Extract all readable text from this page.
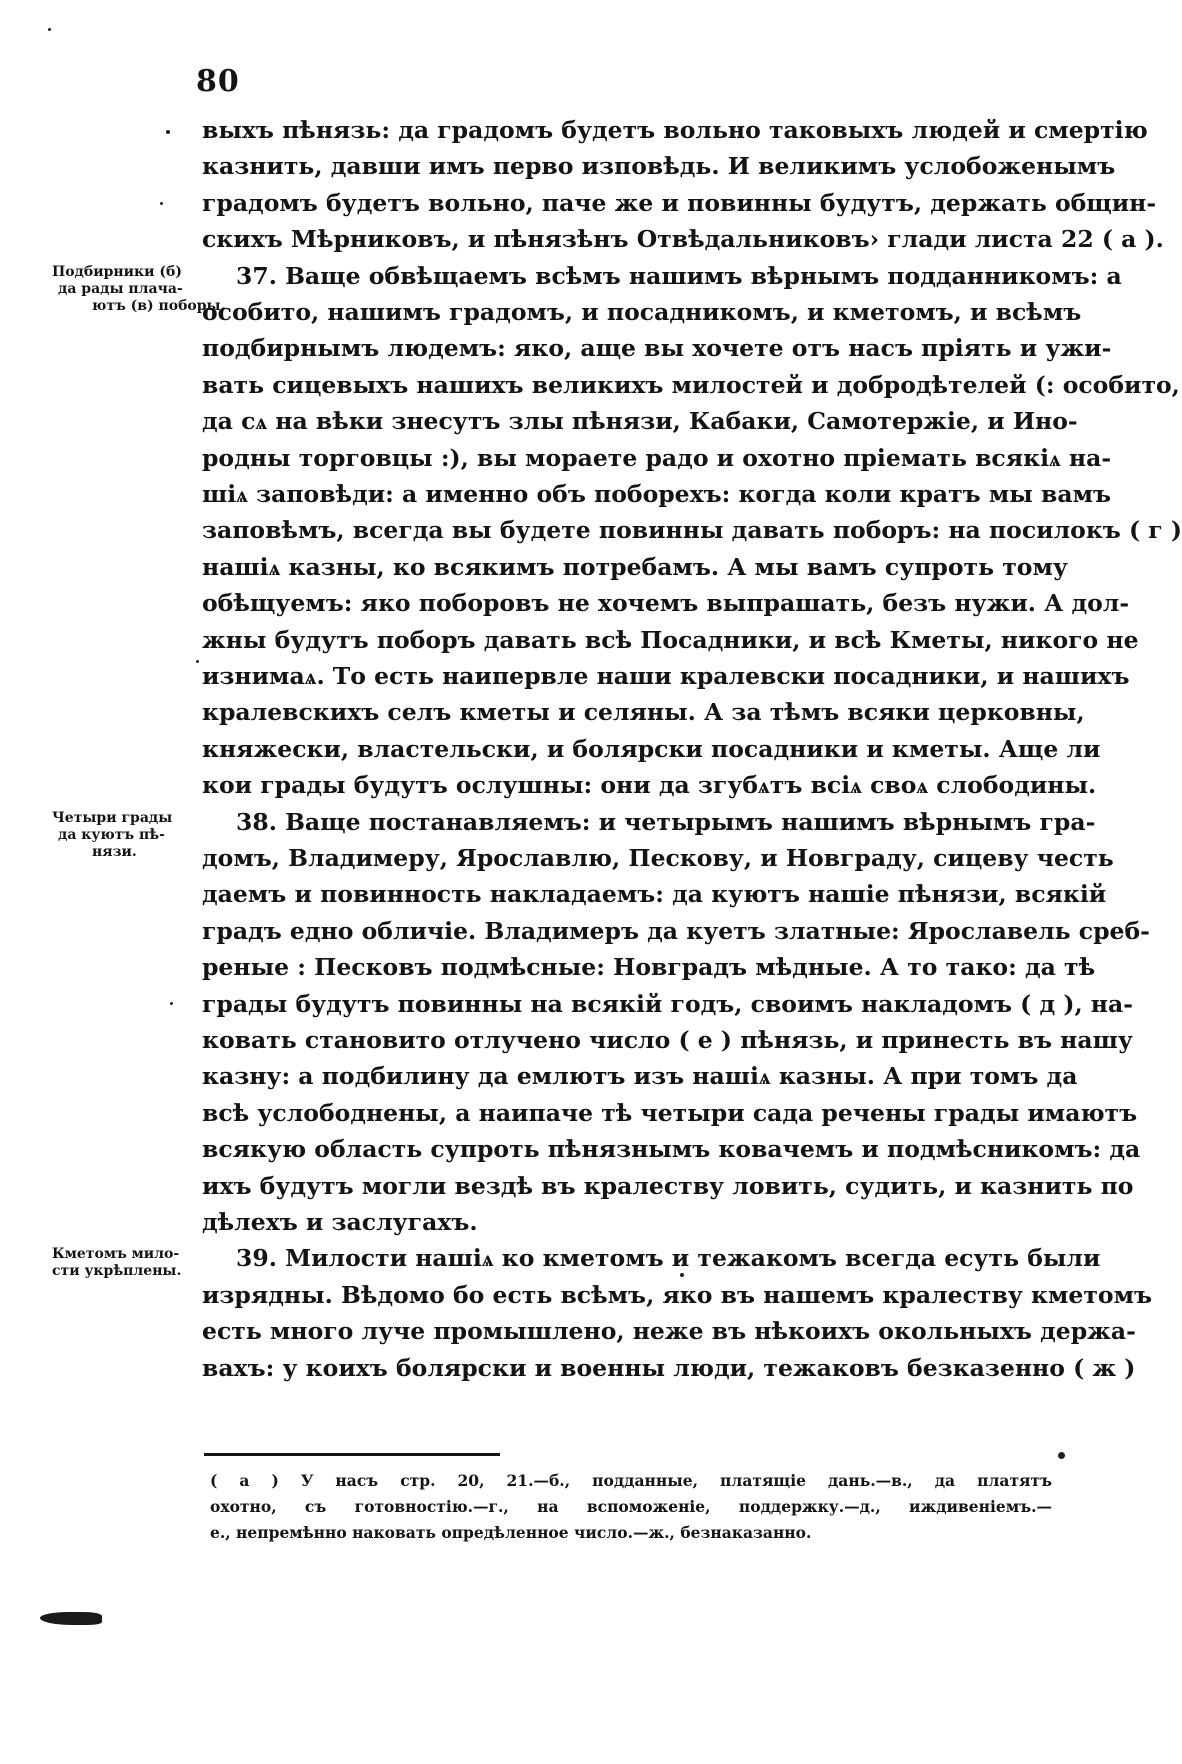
80
выхъ пѣнязь: да градомъ будетъ вольно таковыхъ людей и смертію
казнить, давши имъ перво изповѣдь. И великимъ услобоженымъ
градомъ будетъ вольно, паче же и повинны будутъ, держать общин-
скихъ Мѣрниковъ, и пѣнязѣнъ Отвѣдальниковъ› глади листа 22 ( а ).
37. Ваще обвѣщаемъ всѣмъ нашимъ вѣрнымъ подданникомъ: а
особито, нашимъ градомъ, и посадникомъ, и кметомъ, и всѣмъ
подбирнымъ людемъ: яко, аще вы хочете отъ насъ пріять и ужи-
вать сицевыхъ нашихъ великихъ милостей и добродѣтелей (: особито,
да сѧ на вѣки знесутъ злы пѣнязи, Кабаки, Самотержіе, и Ино-
родны торговцы :), вы мораете радо и охотно пріемать всякіѧ на-
шіѧ заповѣди: а именно объ поборехъ: когда коли кратъ мы вамъ
заповѣмъ, всегда вы будете повинны давать поборъ: на посилокъ ( г )
нашіѧ казны, ко всякимъ потребамъ. А мы вамъ супроть тому
обѣщуемъ: яко поборовъ не хочемъ выпрашать, безъ нужи. А дол-
жны будутъ поборъ давать всѣ Посадники, и всѣ Кметы, никого не
изнимаѧ. То есть наипервле наши кралевски посадники, и нашихъ
кралевскихъ селъ кметы и селяны. А за тѣмъ всяки церковны,
княжески, властельски, и болярски посадники и кметы. Аще ли
кои грады будутъ ослушны: они да згубѧтъ всіѧ своѧ слободины.
38. Ваще постанавляемъ: и четырымъ нашимъ вѣрнымъ гра-
домъ, Владимеру, Ярославлю, Пескову, и Новграду, сицеву честь
даемъ и повинность накладаемъ: да куютъ нашіе пѣнязи, всякій
градъ едно обличіе. Владимеръ да куетъ златные: Ярославель среб-
реные : Песковъ подмѣсные: Новградъ мѣдные. А то тако: да тѣ
грады будутъ повинны на всякій годъ, своимъ накладомъ ( д ), на-
ковать становито отлучено число ( е ) пѣнязь, и принесть въ нашу
казну: а подбилину да емлютъ изъ нашіѧ казны. А при томъ да
всѣ услободнены, а наипаче тѣ четыри сада речены грады имаютъ
всякую область супроть пѣнязнымъ ковачемъ и подмѣсникомъ: да
ихъ будутъ могли вездѣ въ кралеству ловить, судить, и казнить по
дѣлехъ и заслугахъ.
39. Милости нашіѧ ко кметомъ и тежакомъ всегда есуть были
изрядны. Вѣдомо бо есть всѣмъ, яко въ нашемъ кралеству кметомъ
есть много луче промышлено, неже въ нѣкоихъ окольныхъ держа-
вахъ: у коихъ болярски и военны люди, тежаковъ безказенно ( ж )
Подбирники (б)
да рады плача-
ютъ (в) поборы.
Четыри грады
да куютъ пѣ-
нязи.
Кметомъ мило-
сти укрѣплены.
( а ) У насъ стр. 20, 21.—б., подданные, платящіе дань.—в., да платятъ
охотно, съ готовностію.—г., на вспоможеніе, поддержку.—д., иждивеніемъ.—
е., непремѣнно наковать опредѣленное число.—ж., безнаказанно.
